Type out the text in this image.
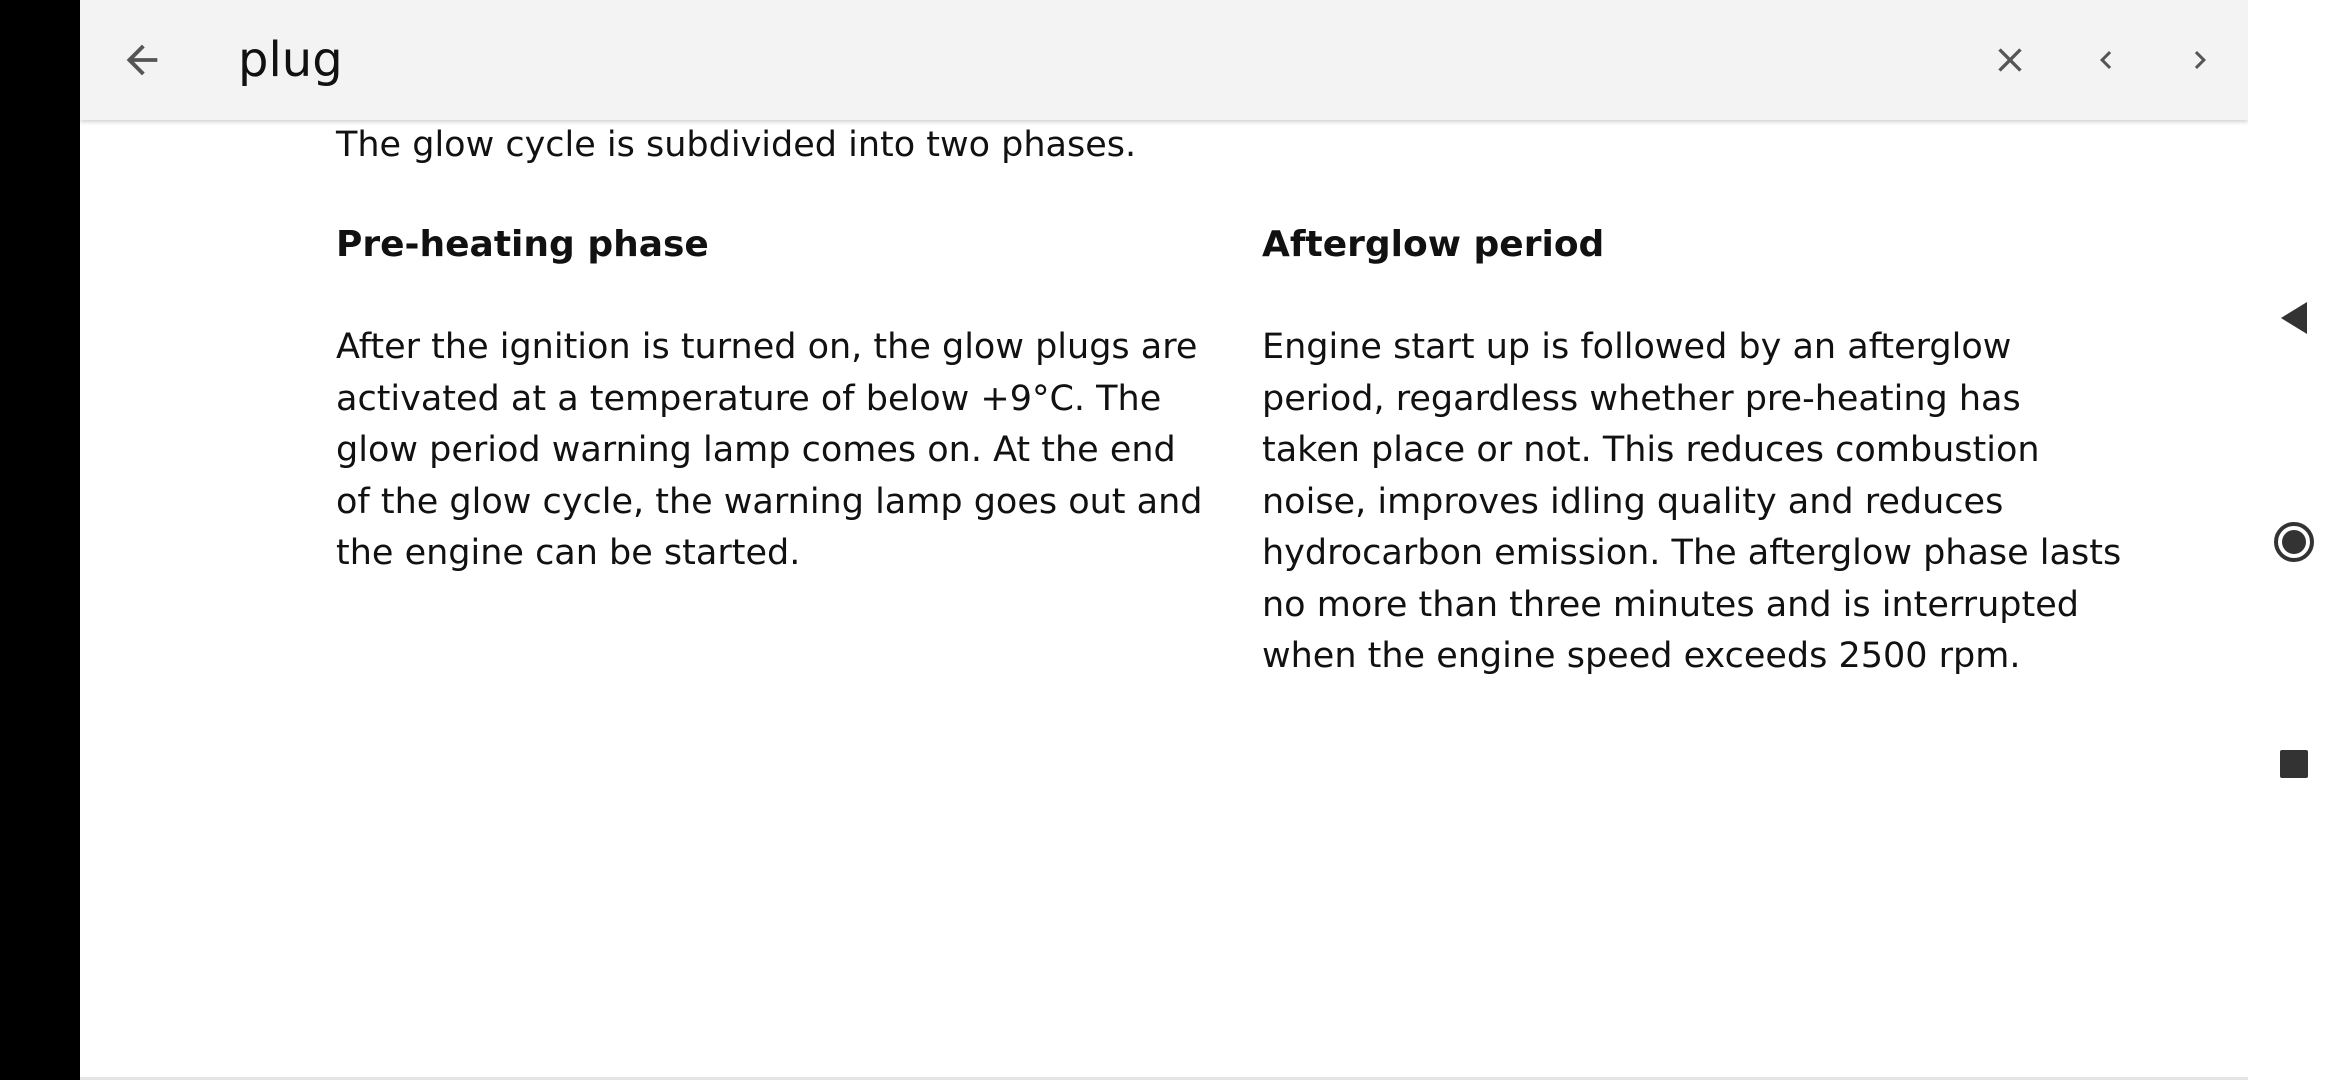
plug

The glow cycle is subdivided into two phases.

Pre-heating phase

After the ignition is turned on, the glow plugs are
activated at a temperature of below +9°C. The
glow period warning lamp comes on. At the end
of the glow cycle, the warning lamp goes out and
the engine can be started.

Afterglow period

Engine start up is followed by an afterglow
period, regardless whether pre-heating has
taken place or not. This reduces combustion
noise, improves idling quality and reduces
hydrocarbon emission. The afterglow phase lasts
no more than three minutes and is interrupted
when the engine speed exceeds 2500 rpm.
